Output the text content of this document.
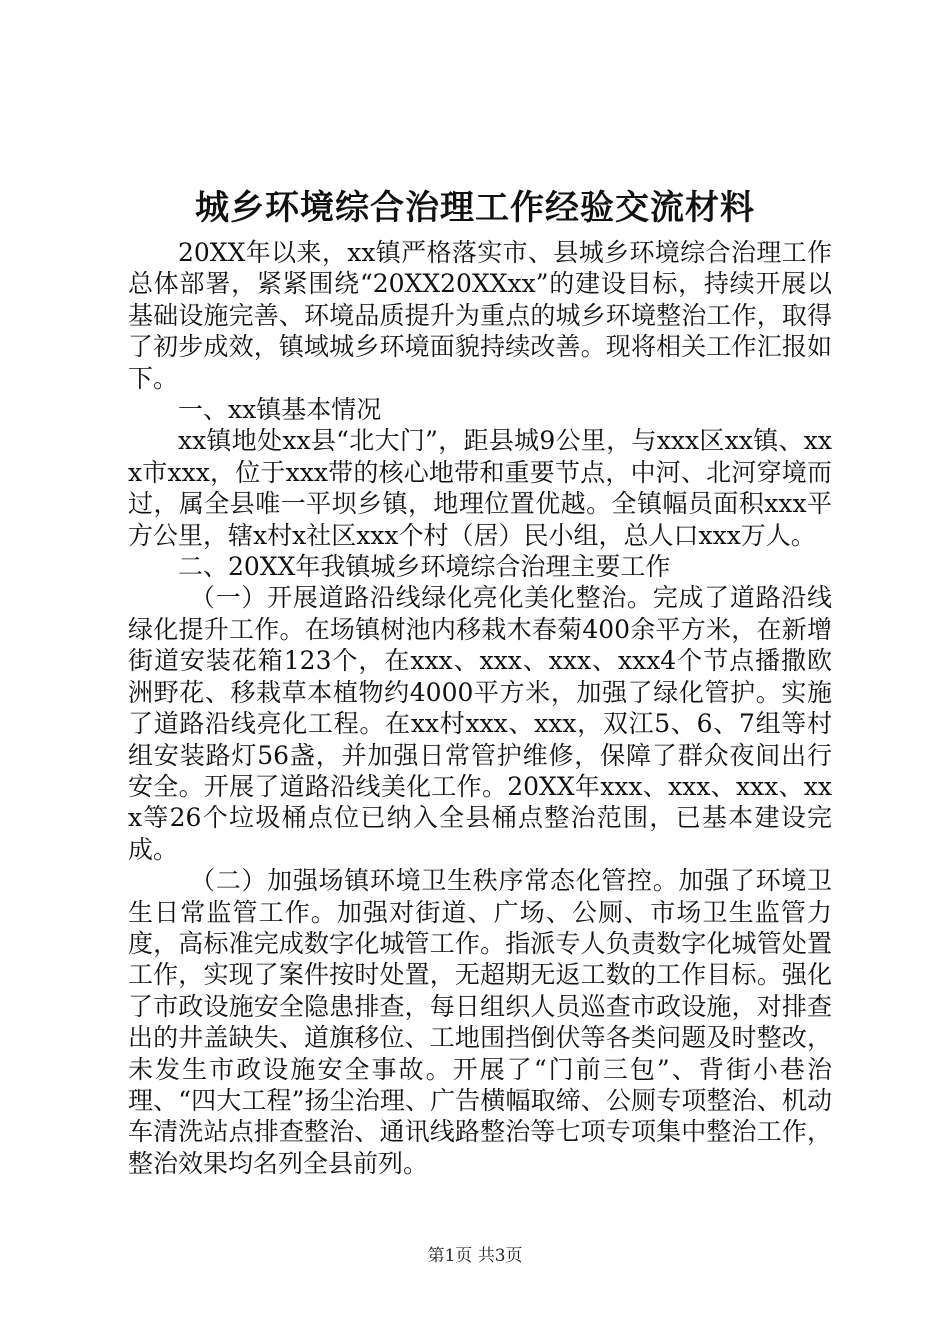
城乡环境综合治理工作经验交流材料

20XX年以来，xx镇严格落实市、县城乡环境综合治理工作总体部署，紧紧围绕“20XX20XXxx”的建设目标，持续开展以基础设施完善、环境品质提升为重点的城乡环境整治工作，取得了初步成效，镇域城乡环境面貌持续改善。现将相关工作汇报如下。

一、xx镇基本情况

xx镇地处xx县“北大门”，距县城9公里，与xxx区xx镇、xxx市xxx，位于xxx带的核心地带和重要节点，中河、北河穿境而过，属全县唯一平坝乡镇，地理位置优越。全镇幅员面积xxx平方公里，辖x村x社区xxx个村（居）民小组，总人口xxx万人。

二、20XX年我镇城乡环境综合治理主要工作

（一）开展道路沿线绿化亮化美化整治。完成了道路沿线绿化提升工作。在场镇树池内移栽木春菊400余平方米，在新增街道安装花箱123个，在xxx、xxx、xxx、xxx4个节点播撒欧洲野花、移栽草本植物约4000平方米，加强了绿化管护。实施了道路沿线亮化工程。在xx村xxx、xxx，双江5、6、7组等村组安装路灯56盏，并加强日常管护维修，保障了群众夜间出行安全。开展了道路沿线美化工作。20XX年xxx、xxx、xxx、xxx等26个垃圾桶点位已纳入全县桶点整治范围，已基本建设完成。

（二）加强场镇环境卫生秩序常态化管控。加强了环境卫生日常监管工作。加强对街道、广场、公厕、市场卫生监管力度，高标准完成数字化城管工作。指派专人负责数字化城管处置工作，实现了案件按时处置，无超期无返工数的工作目标。强化了市政设施安全隐患排查，每日组织人员巡查市政设施，对排查出的井盖缺失、道旗移位、工地围挡倒伏等各类问题及时整改，未发生市政设施安全事故。开展了“门前三包”、背街小巷治理、“四大工程”扬尘治理、广告横幅取缔、公厕专项整治、机动车清洗站点排查整治、通讯线路整治等七项专项集中整治工作，整治效果均名列全县前列。

第1页 共3页
